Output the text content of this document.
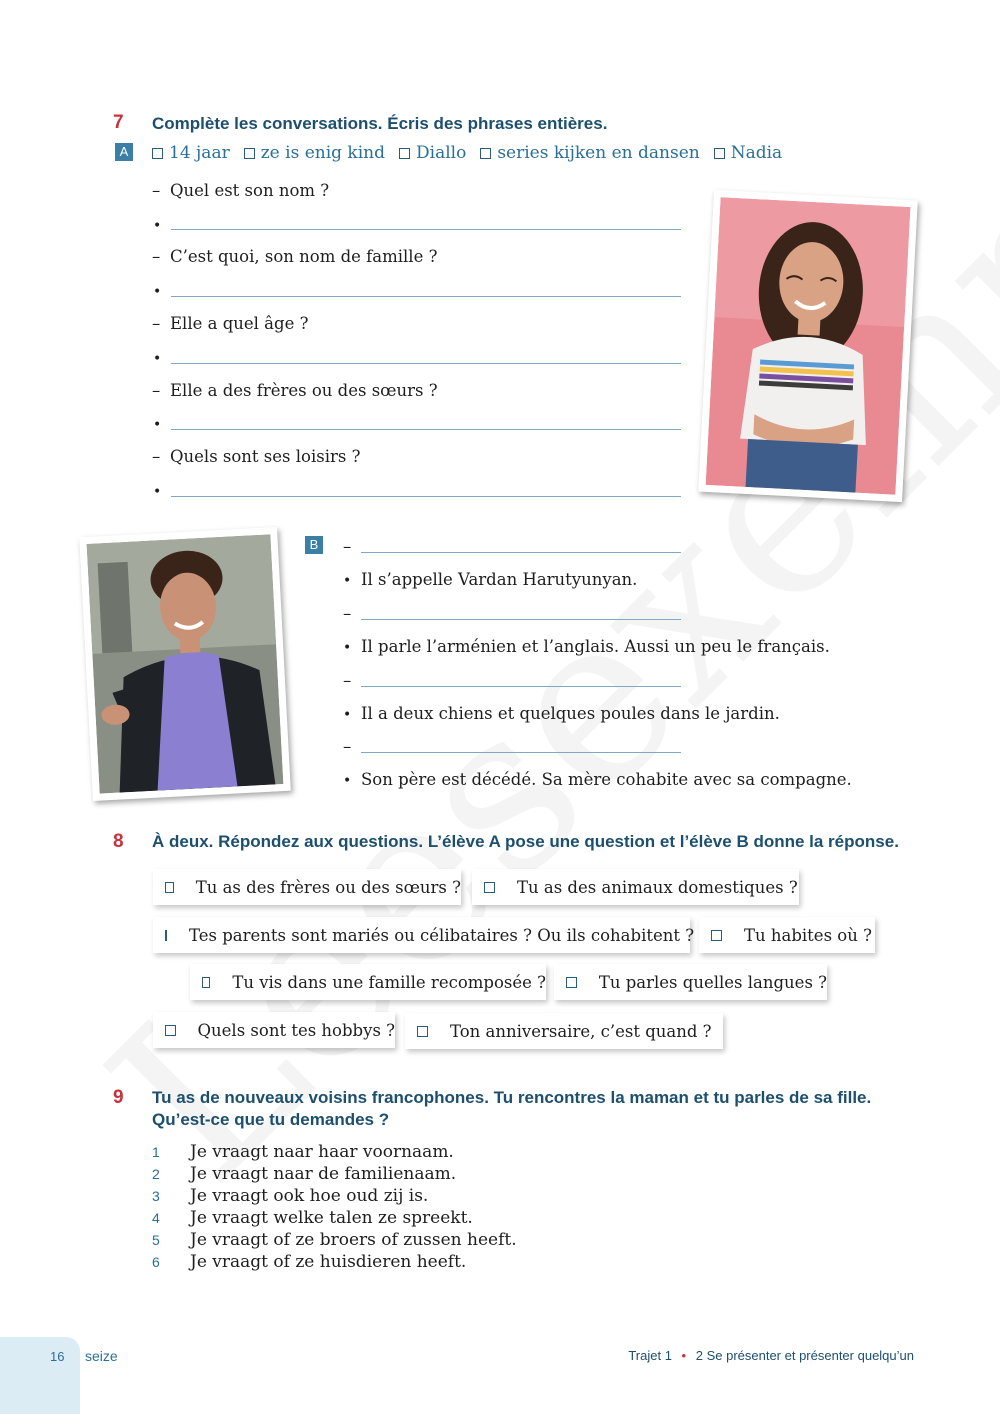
7 Complète les conversations. Écris des phrases entières.
A 14 jaar ze is enig kind Diallo series kijken en dansen Nadia
– Quel est son nom ?
•
– C’est quoi, son nom de famille ?
•
– Elle a quel âge ?
•
– Elle a des frères ou des sœurs ?
•
– Quels sont ses loisirs ?
•
B –
• Il s’appelle Vardan Harutyunyan.
–
• Il parle l’arménien et l’anglais. Aussi un peu le français.
–
• Il a deux chiens et quelques poules dans le jardin.
–
• Son père est décédé. Sa mère cohabite avec sa compagne.
8 À deux. Répondez aux questions. L’élève A pose une question et l’élève B donne la réponse.
Tu as des frères ou des sœurs ?	Tu as des animaux domestiques ?
Tes parents sont mariés ou célibataires ? Ou ils cohabitent ?	Tu habites où ?
Tu vis dans une famille recomposée ?	Tu parles quelles langues ?
Quels sont tes hobbys ?	Ton anniversaire, c’est quand ?
9 Tu as de nouveaux voisins francophones. Tu rencontres la maman et tu parles de sa fille.
Qu’est-ce que tu demandes ?
1	Je vraagt naar haar voornaam.
2	Je vraagt naar de familienaam.
3	Je vraagt ook hoe oud zij is.
4	Je vraagt welke talen ze spreekt.
5	Je vraagt of ze broers of zussen heeft.
6	Je vraagt of ze huisdieren heeft.
16 seize	Trajet 1 • 2 Se présenter et présenter quelqu’un
